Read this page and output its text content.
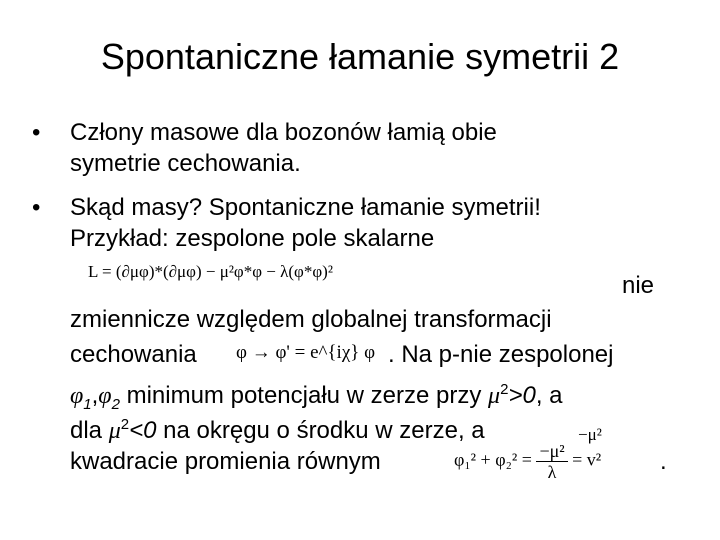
Spontaniczne łamanie symetrii 2
• Człony masowe dla bozonów łamią obie
symetrie cechowania.
• Skąd masy? Spontaniczne łamanie symetrii!
Przykład: zespolone pole skalarne
L = (∂μφ)*(∂μφ) − μ²φ*φ − λ(φ*φ)²
nie
zmiennicze względem globalnej transformacji
cechowania φ → φ' = e^{iχ} φ . Na p-nie zespolonej
$\varphi_1,\varphi_2$ minimum potencjału w zerze przy $\mu^2>0$, a
dla $\mu^2<0$ na okręgu o środku w zerze, a	−μ²
kwadracie promienia równym	$\varphi_1^2 + \varphi_2^2 = \frac{\text{−μ²}}{\lambda} = v^2$ .
